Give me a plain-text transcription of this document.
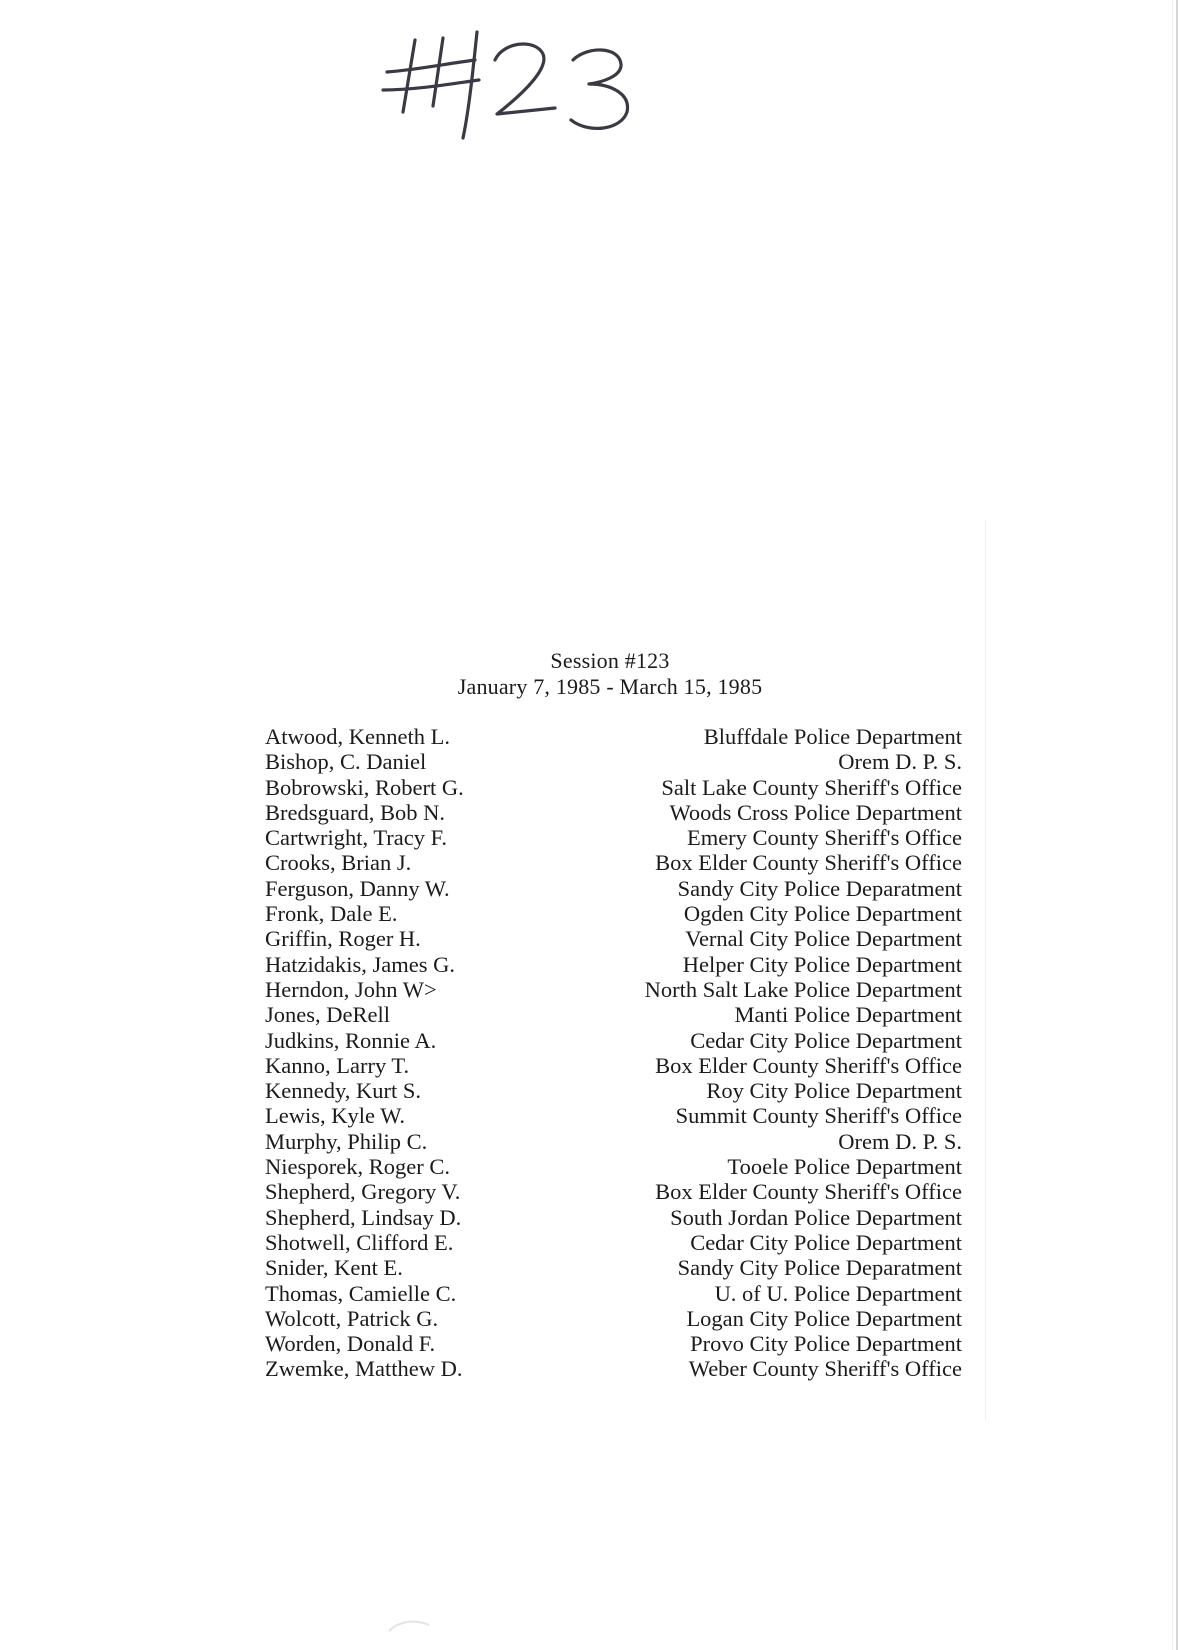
Session #123
January 7, 1985 - March 15, 1985
Atwood, Kenneth L.	Bluffdale Police Department
Bishop, C. Daniel	Orem D. P. S.
Bobrowski, Robert G.	Salt Lake County Sheriff's Office
Bredsguard, Bob N.	Woods Cross Police Department
Cartwright, Tracy F.	Emery County Sheriff's Office
Crooks, Brian J.	Box Elder County Sheriff's Office
Ferguson, Danny W.	Sandy City Police Deparatment
Fronk, Dale E.	Ogden City Police Department
Griffin, Roger H.	Vernal City Police Department
Hatzidakis, James G.	Helper City Police Department
Herndon, John W>	North Salt Lake Police Department
Jones, DeRell	Manti Police Department
Judkins, Ronnie A.	Cedar City Police Department
Kanno, Larry T.	Box Elder County Sheriff's Office
Kennedy, Kurt S.	Roy City Police Department
Lewis, Kyle W.	Summit County Sheriff's Office
Murphy, Philip C.	Orem D. P. S.
Niesporek, Roger C.	Tooele Police Department
Shepherd, Gregory V.	Box Elder County Sheriff's Office
Shepherd, Lindsay D.	South Jordan Police Department
Shotwell, Clifford E.	Cedar City Police Department
Snider, Kent E.	Sandy City Police Deparatment
Thomas, Camielle C.	U. of U. Police Department
Wolcott, Patrick G.	Logan City Police Department
Worden, Donald F.	Provo City Police Department
Zwemke, Matthew D.	Weber County Sheriff's Office
